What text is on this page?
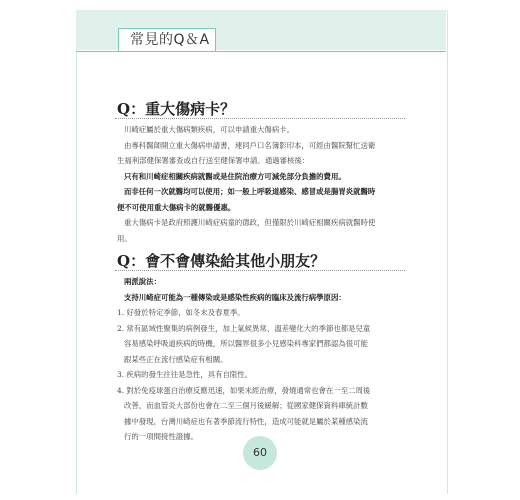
常見的Q＆A
Q：重大傷病卡？
川崎症屬於重大傷病類疾病，可以申請重大傷病卡。
由專科醫師開立重大傷病申請書，連同戶口名簿影印本，可經由醫院幫忙送衛
生福利部健保署審查或自行送至健保署申請。通過審核後：
只有和川崎症相關疾病就醫或是住院治療方可減免部分負擔的費用。
而非任何一次就醫均可以使用；如一般上呼吸道感染、感冒或是腸胃炎就醫時
便不可使用重大傷病卡的就醫優惠。
重大傷病卡是政府照護川崎症病童的德政，但僅限於川崎症相關疾病就醫時使
用。
Q：會不會傳染給其他小朋友？
兩派說法：
支持川崎症可能為一種傳染或是感染性疾病的臨床及流行病學原因：
1. 好發於特定季節，如冬末及春夏季。
2. 常有區域性聚集的病例發生，加上氣候異常、溫差變化大的季節也都是兒童
容易感染呼吸道疾病的時機，所以醫界很多小兒感染科專家們都認為很可能
跟某些正在流行感染症有相關。
3. 疾病的發生往往是急性，具有自限性。
4. 對於免疫球蛋白治療反應迅速，如果未經治療，發燒通常也會在一至二周後
改善，而血管炎大部份也會在二至三個月後緩解；從國家健保資料庫統計數
據中發現，台灣川崎症也有著季節流行特性，造成可能就是屬於某種感染流
行的一項間接性證據。
60
